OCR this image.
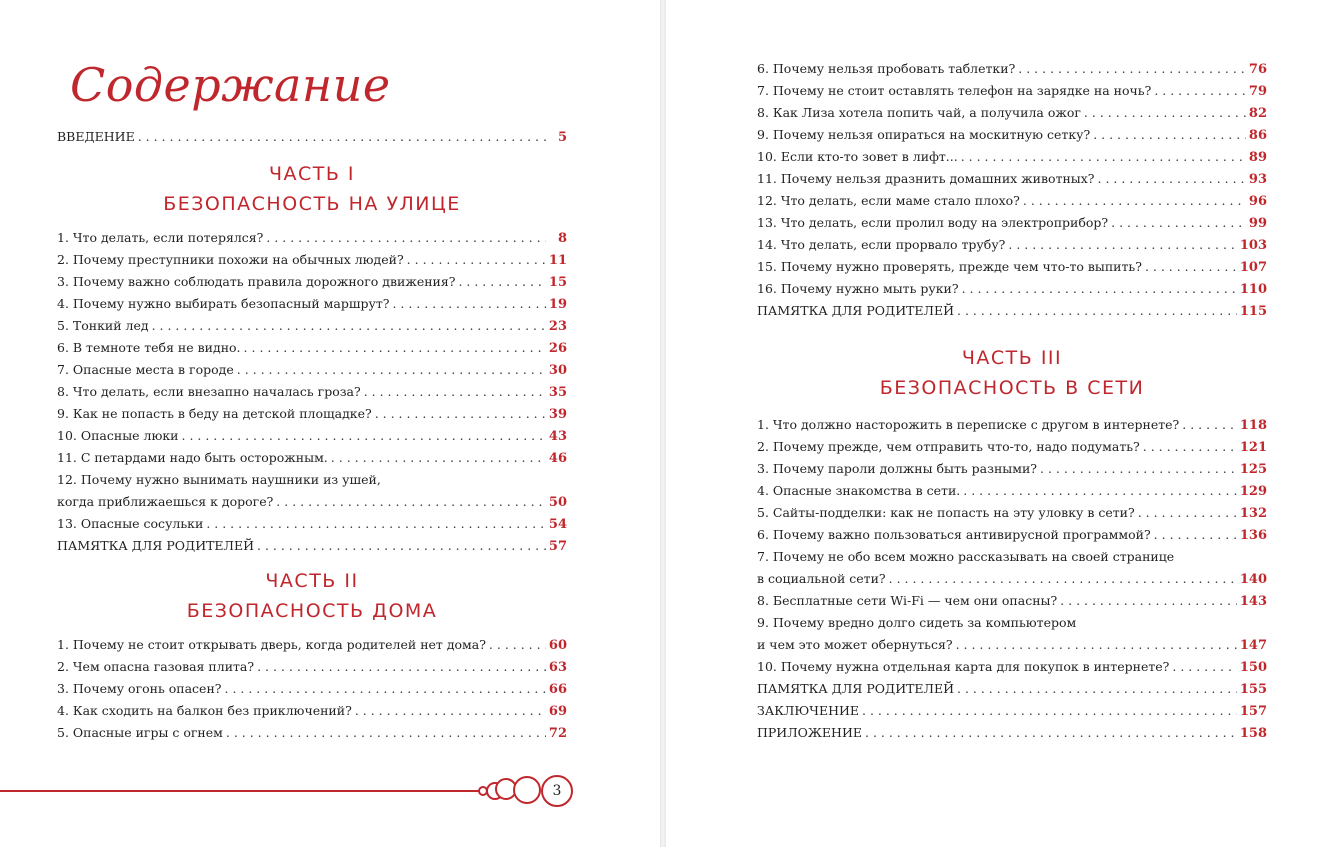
Содержание
ВВЕДЕНИЕ . . .	5
ЧАСТЬ I
БЕЗОПАСНОСТЬ НА УЛИЦЕ
1. Что делать, если потерялся? . . .	8
2. Почему преступники похожи на обычных людей? . . .	11
3. Почему важно соблюдать правила дорожного движения? . . .	15
4. Почему нужно выбирать безопасный маршрут? . . .	19
5. Тонкий лед . . .	23
6. В темноте тебя не видно. . . .	26
7. Опасные места в городе . . .	30
8. Что делать, если внезапно началась гроза? . . .	35
9. Как не попасть в беду на детской площадке? . . .	39
10. Опасные люки . . .	43
11. С петардами надо быть осторожным. . . .	46
12. Почему нужно вынимать наушники из ушей,
когда приближаешься к дороге? . . .	50
13. Опасные сосульки . . .	54
ПАМЯТКА ДЛЯ РОДИТЕЛЕЙ . . .	57
ЧАСТЬ II
БЕЗОПАСНОСТЬ ДОМА
1. Почему не стоит открывать дверь, когда родителей нет дома? . . .	60
2. Чем опасна газовая плита? . . .	63
3. Почему огонь опасен? . . .	66
4. Как сходить на балкон без приключений? . . .	69
5. Опасные игры с огнем . . .	72
3
6. Почему нельзя пробовать таблетки? . . .	76
7. Почему не стоит оставлять телефон на зарядке на ночь? . . .	79
8. Как Лиза хотела попить чай, а получила ожог . . .	82
9. Почему нельзя опираться на москитную сетку? . . .	86
10. Если кто-то зовет в лифт... . . .	89
11. Почему нельзя дразнить домашних животных? . . .	93
12. Что делать, если маме стало плохо? . . .	96
13. Что делать, если пролил воду на электроприбор? . . .	99
14. Что делать, если прорвало трубу? . . .	103
15. Почему нужно проверять, прежде чем что-то выпить? . . .	107
16. Почему нужно мыть руки? . . .	110
ПАМЯТКА ДЛЯ РОДИТЕЛЕЙ . . .	115
ЧАСТЬ III
БЕЗОПАСНОСТЬ В СЕТИ
1. Что должно насторожить в переписке с другом в интернете? . . .	118
2. Почему прежде, чем отправить что-то, надо подумать? . . .	121
3. Почему пароли должны быть разными? . . .	125
4. Опасные знакомства в сети. . . .	129
5. Сайты-подделки: как не попасть на эту уловку в сети? . . .	132
6. Почему важно пользоваться антивирусной программой? . . .	136
7. Почему не обо всем можно рассказывать на своей странице
в социальной сети? . . .	140
8. Бесплатные сети Wi-Fi — чем они опасны? . . .	143
9. Почему вредно долго сидеть за компьютером
и чем это может обернуться? . . .	147
10. Почему нужна отдельная карта для покупок в интернете? . . .	150
ПАМЯТКА ДЛЯ РОДИТЕЛЕЙ . . .	155
ЗАКЛЮЧЕНИЕ . . .	157
ПРИЛОЖЕНИЕ . . .	158
